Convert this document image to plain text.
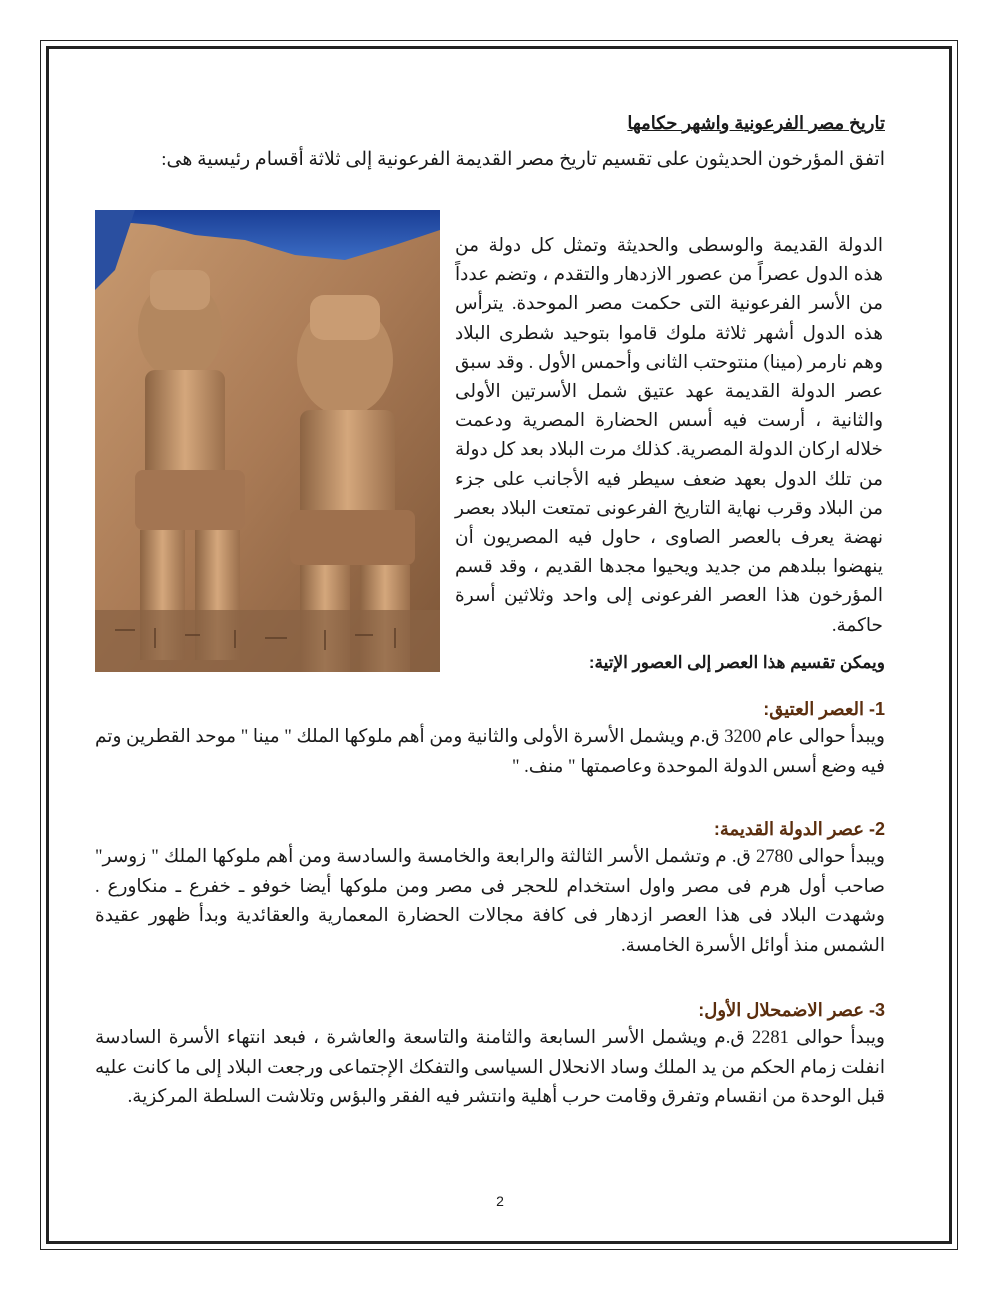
تاريخ مصر الفرعونية واشهر حكامها

اتفق المؤرخون الحديثون على تقسيم تاريخ مصر القديمة الفرعونية إلى ثلاثة أقسام رئيسية هى:

الدولة القديمة والوسطى والحديثة وتمثل كل دولة من هذه الدول عصراً من عصور الازدهار والتقدم ، وتضم عدداً من الأسر الفرعونية التى حكمت مصر الموحدة. يترأس هذه الدول أشهر ثلاثة ملوك قاموا بتوحيد شطرى البلاد وهم نارمر (مينا) منتوحتب الثانى وأحمس الأول . وقد سبق عصر الدولة القديمة عهد عتيق شمل الأسرتين الأولى والثانية ، أرست فيه أسس الحضارة المصرية ودعمت خلاله اركان الدولة المصرية. كذلك مرت البلاد بعد كل دولة من تلك الدول بعهد ضعف سيطر فيه الأجانب على جزء من البلاد وقرب نهاية التاريخ الفرعونى تمتعت البلاد بعصر نهضة يعرف بالعصر الصاوى ، حاول فيه المصريون أن ينهضوا ببلدهم من جديد ويحيوا مجدها القديم ، وقد قسم المؤرخون هذا العصر الفرعونى إلى واحد وثلاثين أسرة حاكمة.
ويمكن تقسيم هذا العصر إلى العصور الإتية:

1- العصر العتيق:

ويبدأ حوالى عام 3200 ق.م ويشمل الأسرة الأولى والثانية ومن أهم ملوكها الملك " مينا " موحد القطرين وتم فيه وضع أسس الدولة الموحدة وعاصمتها " منف. "

2- عصر الدولة القديمة:

ويبدأ حوالى 2780 ق. م وتشمل الأسر الثالثة والرابعة والخامسة والسادسة ومن أهم ملوكها الملك " زوسر" صاحب أول هرم فى مصر واول استخدام للحجر فى مصر ومن ملوكها أيضا خوفو ـ خفرع ـ منكاورع . وشهدت البلاد فى هذا العصر ازدهار فى كافة مجالات الحضارة المعمارية والعقائدية وبدأ ظهور عقيدة الشمس منذ أوائل الأسرة الخامسة.

3- عصر الاضمحلال الأول:

ويبدأ حوالى 2281 ق.م ويشمل الأسر السابعة والثامنة والتاسعة والعاشرة ، فبعد انتهاء الأسرة السادسة انفلت زمام الحكم من يد الملك وساد الانحلال السياسى والتفكك الإجتماعى ورجعت البلاد إلى ما كانت عليه قبل الوحدة من انقسام وتفرق وقامت حرب أهلية وانتشر فيه الفقر والبؤس وتلاشت السلطة المركزية.

2
